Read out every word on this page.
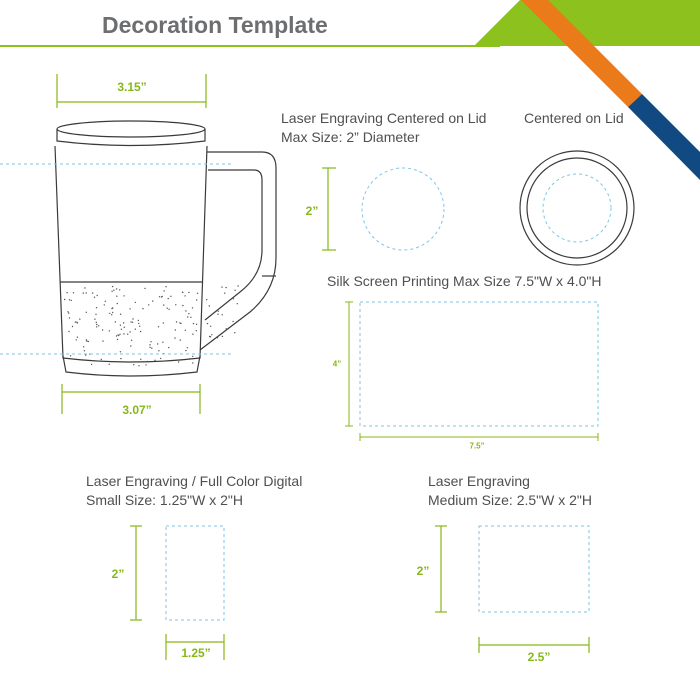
Decoration Template
3.15”
3.07”
Laser Engraving Centered on Lid
Max Size: 2” Diameter
2”
Centered on Lid
Silk Screen Printing Max Size 7.5"W x 4.0"H
4”
7.5”
Laser Engraving / Full Color Digital
Small Size: 1.25"W x 2"H
2”
1.25”
Laser Engraving
Medium Size: 2.5"W x 2"H
2”
2.5”
